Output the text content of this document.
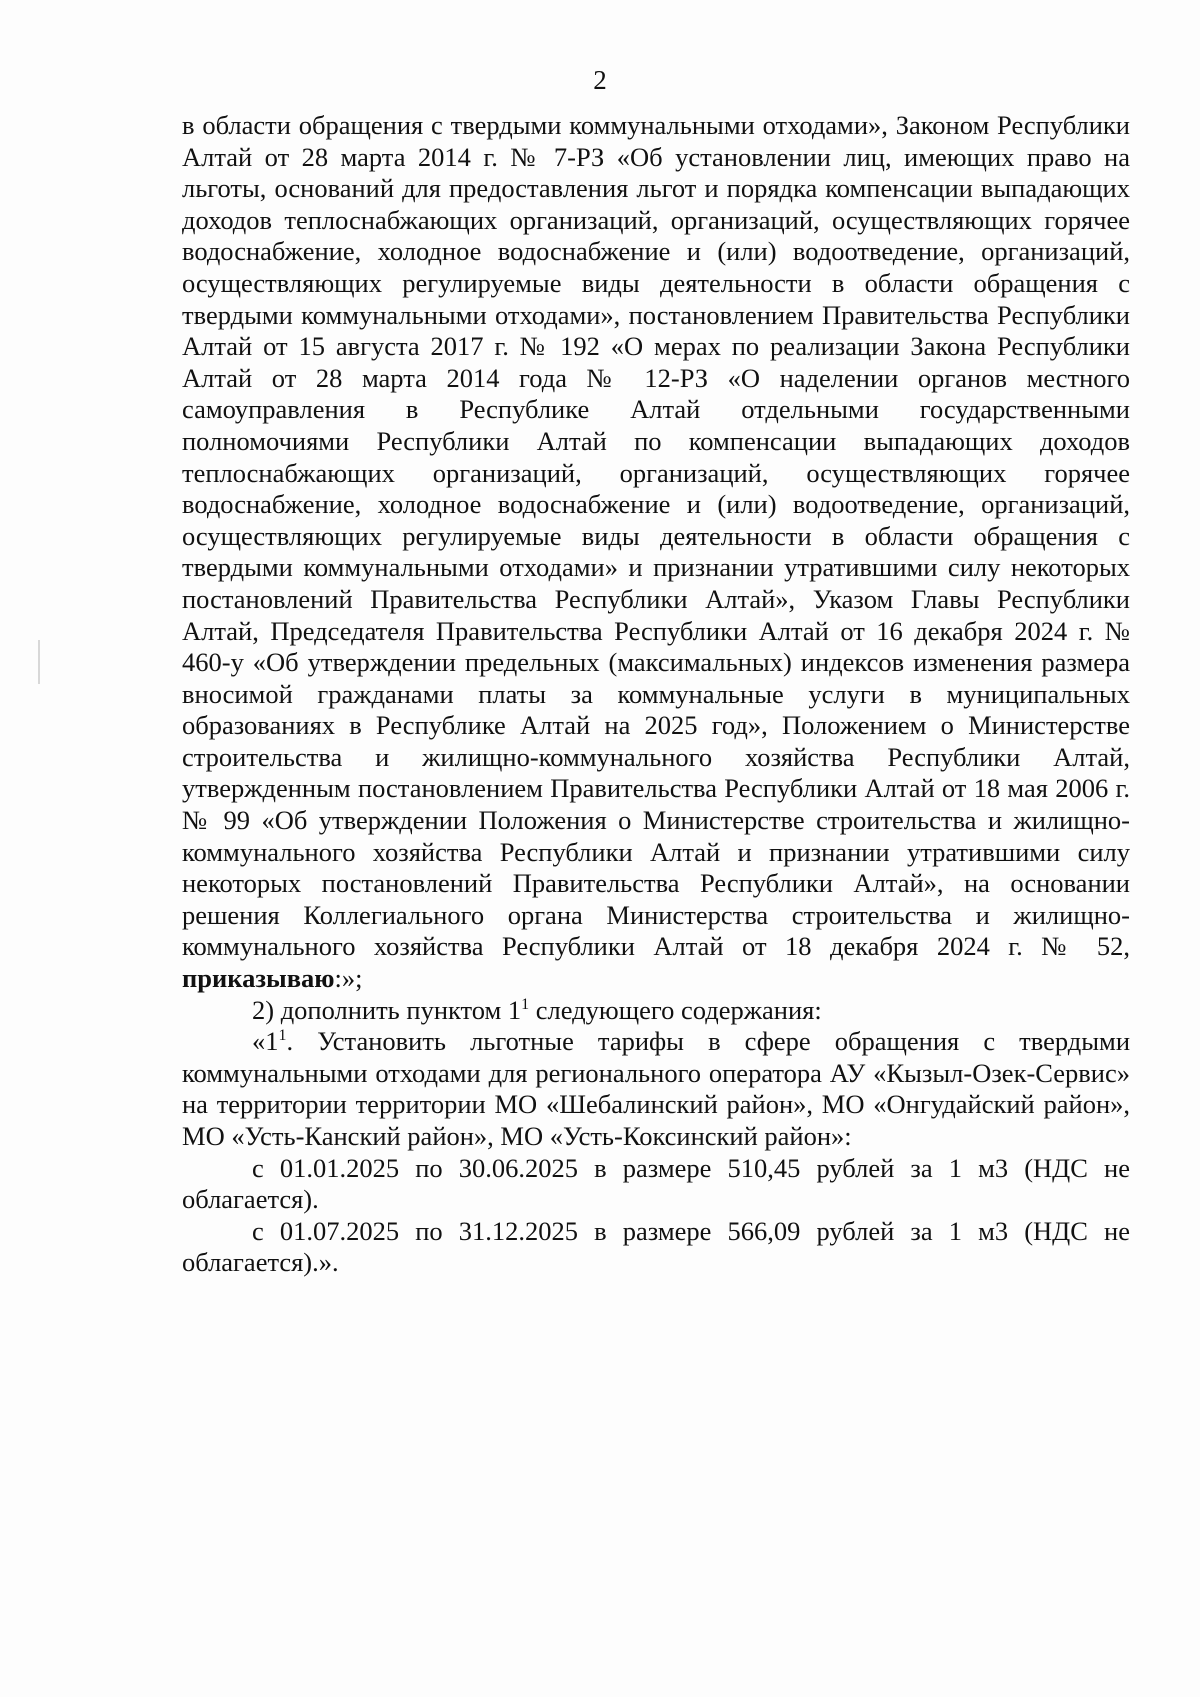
2

в области обращения с твердыми коммунальными отходами», Законом Республики Алтай от 28 марта 2014 г. № 7-РЗ «Об установлении лиц, имеющих право на льготы, оснований для предоставления льгот и порядка компенсации выпадающих доходов теплоснабжающих организаций, организаций, осуществляющих горячее водоснабжение, холодное водоснабжение и (или) водоотведение, организаций, осуществляющих регулируемые виды деятельности в области обращения с твердыми коммунальными отходами», постановлением Правительства Республики Алтай от 15 августа 2017 г. № 192 «О мерах по реализации Закона Республики Алтай от 28 марта 2014 года № 12-РЗ «О наделении органов местного самоуправления в Республике Алтай отдельными государственными полномочиями Республики Алтай по компенсации выпадающих доходов теплоснабжающих организаций, организаций, осуществляющих горячее водоснабжение, холодное водоснабжение и (или) водоотведение, организаций, осуществляющих регулируемые виды деятельности в области обращения с твердыми коммунальными отходами» и признании утратившими силу некоторых постановлений Правительства Республики Алтай», Указом Главы Республики Алтай, Председателя Правительства Республики Алтай от 16 декабря 2024 г. № 460-у «Об утверждении предельных (максимальных) индексов изменения размера вносимой гражданами платы за коммунальные услуги в муниципальных образованиях в Республике Алтай на 2025 год», Положением о Министерстве строительства и жилищно-коммунального хозяйства Республики Алтай, утвержденным постановлением Правительства Республики Алтай от 18 мая 2006 г. № 99 «Об утверждении Положения о Министерстве строительства и жилищно-коммунального хозяйства Республики Алтай и признании утратившими силу некоторых постановлений Правительства Республики Алтай», на основании решения Коллегиального органа Министерства строительства и жилищно-коммунального хозяйства Республики Алтай от 18 декабря 2024 г. № 52, приказываю:»;

2) дополнить пунктом $1^1$ следующего содержания:

«$1^1$. Установить льготные тарифы в сфере обращения с твердыми коммунальными отходами для регионального оператора АУ «Кызыл-Озек-Сервис» на территории территории МО «Шебалинский район», МО «Онгудайский район», МО «Усть-Канский район», МО «Усть-Коксинский район»:

с 01.01.2025 по 30.06.2025 в размере 510,45 рублей за 1 м3 (НДС не облагается).

с 01.07.2025 по 31.12.2025 в размере 566,09 рублей за 1 м3 (НДС не облагается).».
